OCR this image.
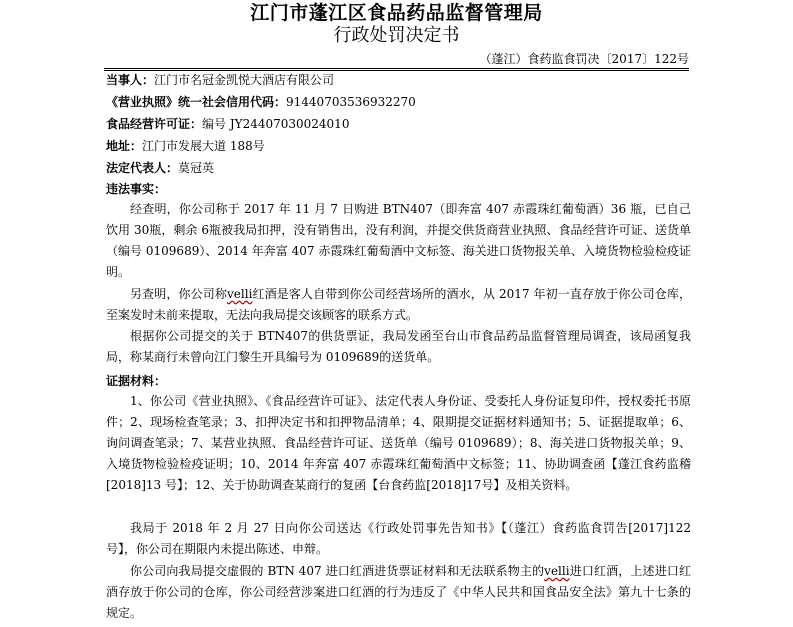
江门市蓬江区食品药品监督管理局
行政处罚决定书
（蓬江）食药监食罚决〔2017〕122号
当事人：江门市名冠金凯悦大酒店有限公司
《营业执照》统一社会信用代码：91440703536932270
食品经营许可证：编号 JY24407030024010
地址：江门市发展大道 188号
法定代表人：莫冠英
违法事实：

经查明，你公司称于 2017 年 11 月 7 日购进 BTN407（即奔富 407 赤霞珠红葡萄酒）36 瓶，已自己饮用 30瓶，剩余 6瓶被我局扣押，没有销售出，没有利润，并提交供货商营业执照、食品经营许可证、送货单（编号 0109689）、2014 年奔富 407 赤霞珠红葡萄酒中文标签、海关进口货物报关单、入境货物检验检疫证明。

另查明，你公司称velli红酒是客人自带到你公司经营场所的酒水，从 2017 年初一直存放于你公司仓库，至案发时未前来提取，无法向我局提交该顾客的联系方式。

根据你公司提交的关于 BTN407的供货票证，我局发函至台山市食品药品监督管理局调查，该局函复我局，称某商行未曾向江门黎生开具编号为 0109689的送货单。

证据材料：

1、你公司《营业执照》、《食品经营许可证》、法定代表人身份证、受委托人身份证复印件，授权委托书原件；2、现场检查笔录；3、扣押决定书和扣押物品清单；4、限期提交证据材料通知书；5、证据提取单；6、询问调查笔录；7、某营业执照、食品经营许可证、送货单（编号 0109689）；8、海关进口货物报关单；9、入境货物检验检疫证明；10、2014 年奔富 407 赤霞珠红葡萄酒中文标签；11、协助调查函【蓬江食药监稽[2018]13 号】；12、关于协助调查某商行的复函【台食药监[2018]17号】及相关资料。

我局于 2018 年 2 月 27 日向你公司送达《行政处罚事先告知书》【（蓬江）食药监食罚告[2017]122号】，你公司在期限内未提出陈述、申辩。

你公司向我局提交虚假的 BTN 407 进口红酒进货票证材料和无法联系物主的velli进口红酒，上述进口红酒存放于你公司的仓库，你公司经营涉案进口红酒的行为违反了《中华人民共和国食品安全法》第九十七条的规定。
